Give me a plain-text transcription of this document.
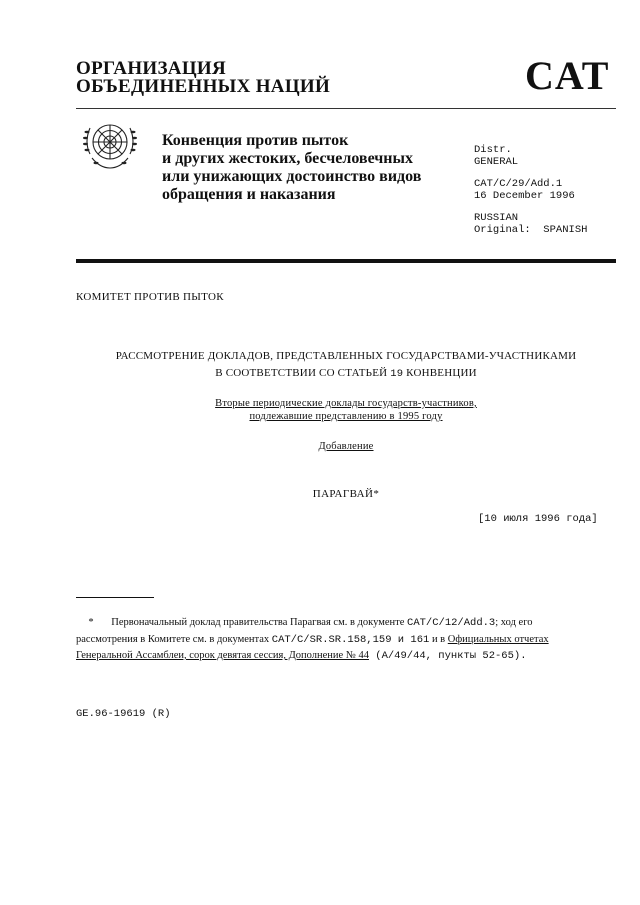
ОРГАНИЗАЦИЯ
ОБЪЕДИНЕННЫХ НАЦИЙ	CAT
Конвенция против пыток
и других жестоких, бесчеловечных
или унижающих достоинство видов
обращения и наказания
Distr.
GENERAL
CAT/C/29/Add.1
16 December 1996
RUSSIAN
Original:  SPANISH
КОМИТЕТ ПРОТИВ ПЫТОК
РАССМОТРЕНИЕ ДОКЛАДОВ, ПРЕДСТАВЛЕННЫХ ГОСУДАРСТВАМИ-УЧАСТНИКАМИ
В СООТВЕТСТВИИ СО СТАТЬЕЙ 19 КОНВЕНЦИИ
Вторые периодические доклады государств-участников,
подлежавшие представлению в 1995 году
Добавление
ПАРАГВАЙ*
[10 июля 1996 года]
* Первоначальный доклад правительства Парагвая см. в документе CAT/C/12/Add.3; ход его рассмотрения в Комитете см. в документах CAT/C/SR.SR.158,159 и 161 и в Официальных отчетах Генеральной Ассамблеи, сорок девятая сессия, Дополнение № 44 (A/49/44, пункты 52-65).
GE.96-19619 (R)
